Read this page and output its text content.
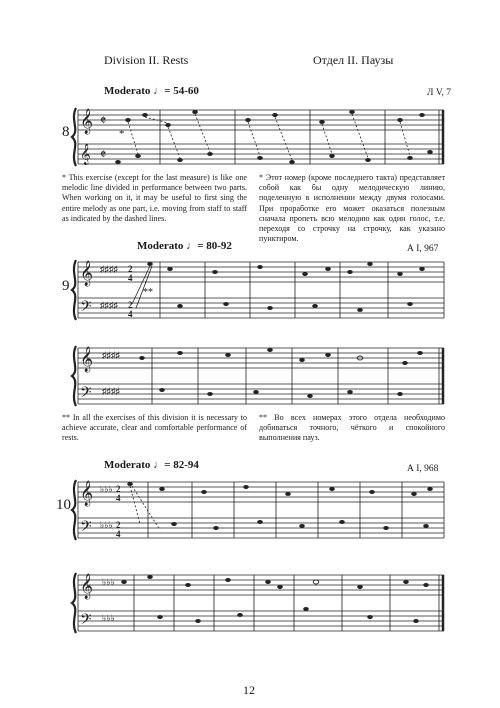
Division II. Rests	Отдел II. Паузы
Moderato ♩= 54-60	Л V, 7
8	*
𝄞
𝄞
𝄵
𝄵
* This exercise (except for the last measure) is like one melodic line divided in performance between two parts. When working on it, it may be useful to first sing the entire melody as one part, i.e. moving from staff to staff as indicated by the dashed lines.
* Этот номер (кроме последнего такта) представляет собой как бы одну мелодическую линию, поделенную в исполнении между двумя голосами. При проработке его может оказаться полезным сначала пропеть всю мелодию как один голос, т.е. переходя со строчку на строчку, как указано пунктиром.
Moderato ♩= 80-92	А I, 967
9	**
𝄞
𝄢
♯♯♯♯
♯♯♯♯
2
4
2
4
𝄞
𝄢
♯♯♯♯
♯♯♯♯
** In all the exercises of this division it is necessary to achieve accurate, clear and comfortable performance of rests.
** Во всех номерах этого отдела необходимо добиваться точного, чёткого и спокойного выполнения пауз.
Moderato ♩= 82-94	А I, 968
10 𝄞
𝄢
♭♭♭
♭♭♭
2
4
2
4
𝄞
𝄢
♭♭♭
♭♭♭
12
